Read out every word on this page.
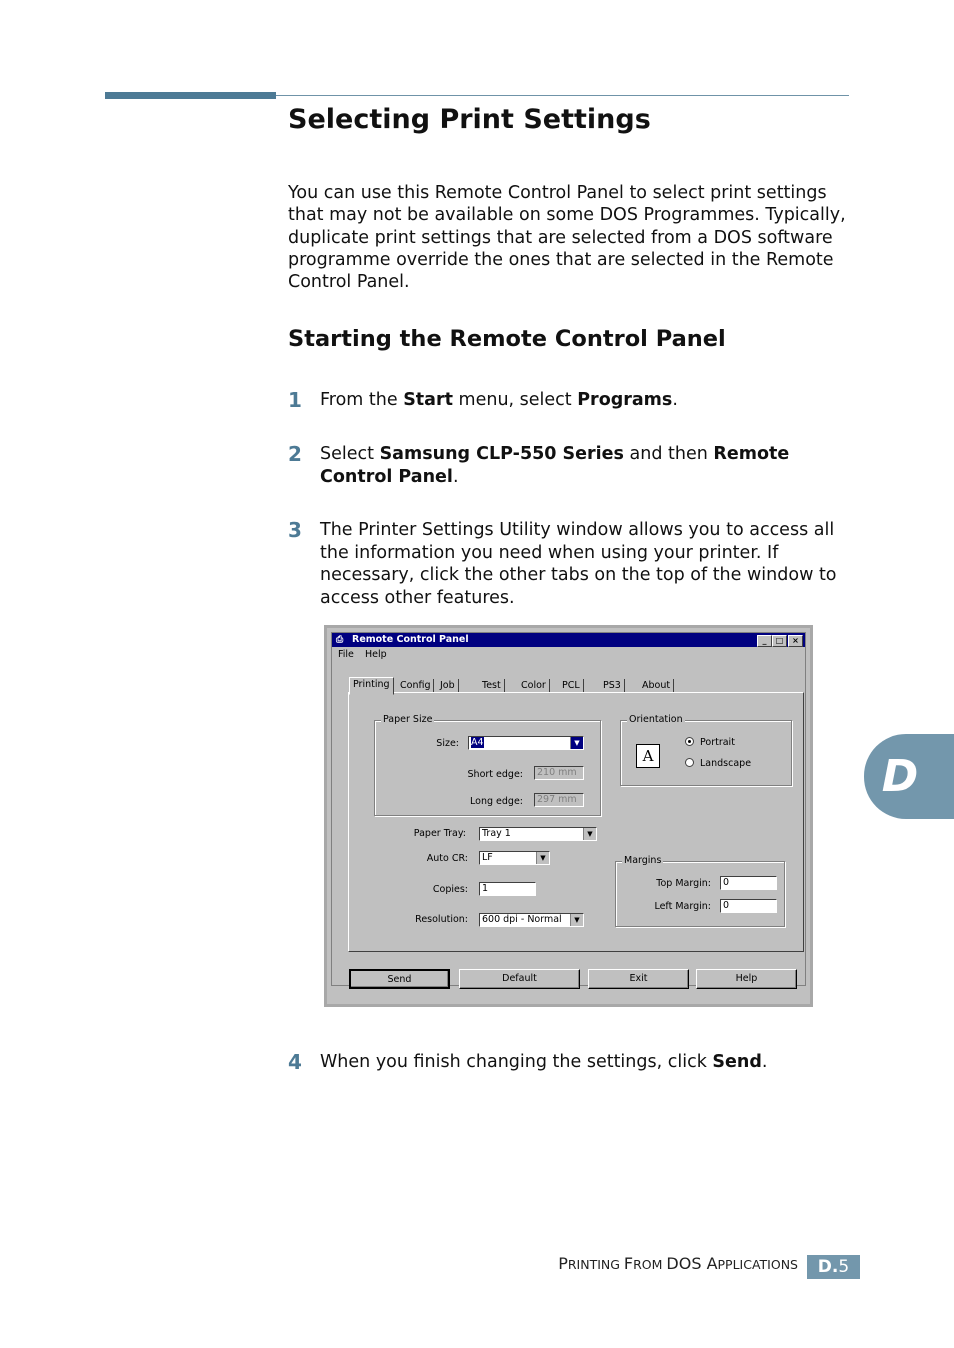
Selecting Print Settings
You can use this Remote Control Panel to select print settings
that may not be available on some DOS Programmes. Typically,
duplicate print settings that are selected from a DOS software
programme override the ones that are selected in the Remote
Control Panel.
Starting the Remote Control Panel
1 From the Start menu, select Programs.
2 Select Samsung CLP-550 Series and then Remote
Control Panel.
3 The Printer Settings Utility window allows you to access all
the information you need when using your printer. If
necessary, click the other tabs on the top of the window to
access other features.
⎙ Remote Control Panel	_	□	×
File Help
Printing	Config	Job	Test	Color	PCL	PS3	About
Paper Size
Size:	A4	▼
Short edge:	210 mm
Long edge:	297 mm
Orientation
A
Portrait
Landscape
Paper Tray:	Tray 1	▼
Auto CR:	LF	▼
Copies:	1
Resolution:	600 dpi - Normal	▼
Margins
Top Margin:	0
Left Margin:	0
Send	Default	Exit	Help
4 When you finish changing the settings, click Send.
D
PRINTING FROM DOS APPLICATIONS	D.5
